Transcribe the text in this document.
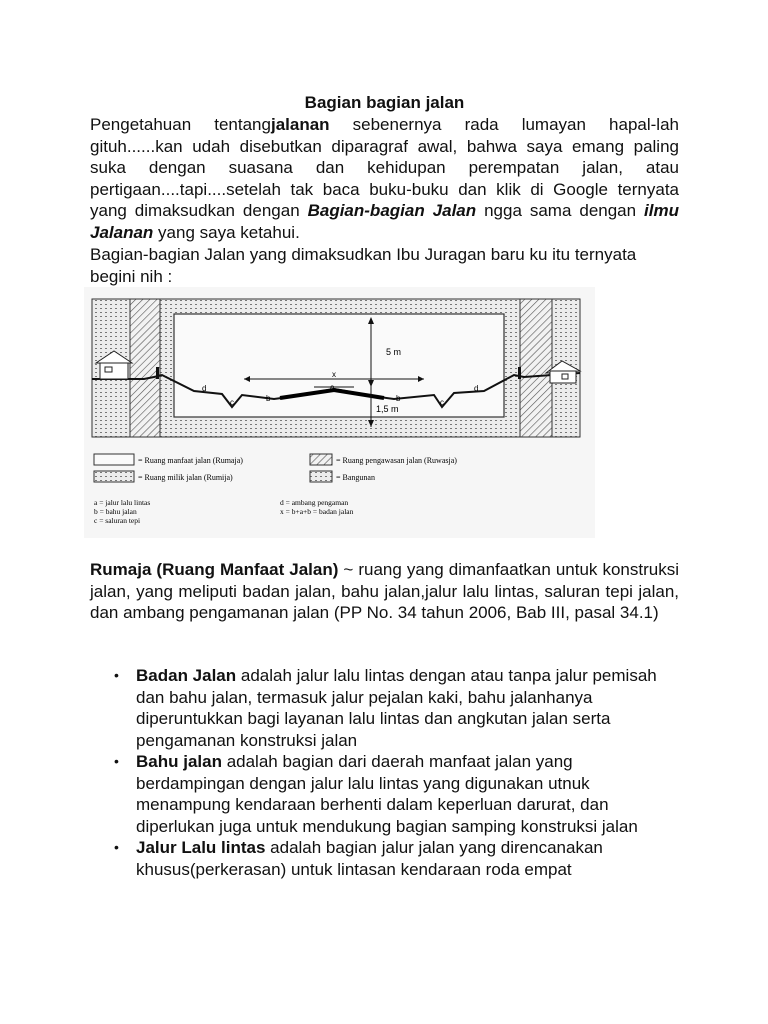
Bagian bagian jalan
Pengetahuan tentangjalanan sebenernya rada lumayan hapal-lah gituh......kan udah disebutkan diparagraf awal, bahwa saya emang paling suka dengan suasana dan kehidupan perempatan jalan, atau pertigaan....tapi....setelah tak baca buku-buku dan klik di Google ternyata yang dimaksudkan dengan Bagian-bagian Jalan ngga sama dengan ilmu Jalanan yang saya ketahui.
Bagian-bagian Jalan yang dimaksudkan Ibu Juragan baru ku itu ternyata begini nih :
5 m
1,5 m
x
a
b	b
c	c
d	d
= Ruang manfaat jalan (Rumaja)	= Ruang pengawasan jalan (Ruwasja)
= Ruang milik jalan (Rumija)	= Bangunan
a = jalur lalu lintas
b = bahu jalan
c = saluran tepi
d = ambang pengaman
x = b+a+b = badan jalan
Rumaja (Ruang Manfaat Jalan) ~ ruang yang dimanfaatkan untuk konstruksi jalan, yang meliputi badan jalan, bahu jalan,jalur lalu lintas, saluran tepi jalan, dan ambang pengamanan jalan (PP No. 34 tahun 2006, Bab III, pasal 34.1)

• Badan Jalan adalah jalur lalu lintas dengan atau tanpa jalur pemisah dan bahu jalan, termasuk jalur pejalan kaki, bahu jalanhanya diperuntukkan bagi layanan lalu lintas dan angkutan jalan serta pengamanan konstruksi jalan

• Bahu jalan adalah bagian dari daerah manfaat jalan yang berdampingan dengan jalur lalu lintas yang digunakan utnuk menampung kendaraan berhenti dalam keperluan darurat, dan diperlukan juga untuk mendukung bagian samping konstruksi jalan

• Jalur Lalu lintas adalah bagian jalur jalan yang direncanakan khusus(perkerasan) untuk lintasan kendaraan roda empat
